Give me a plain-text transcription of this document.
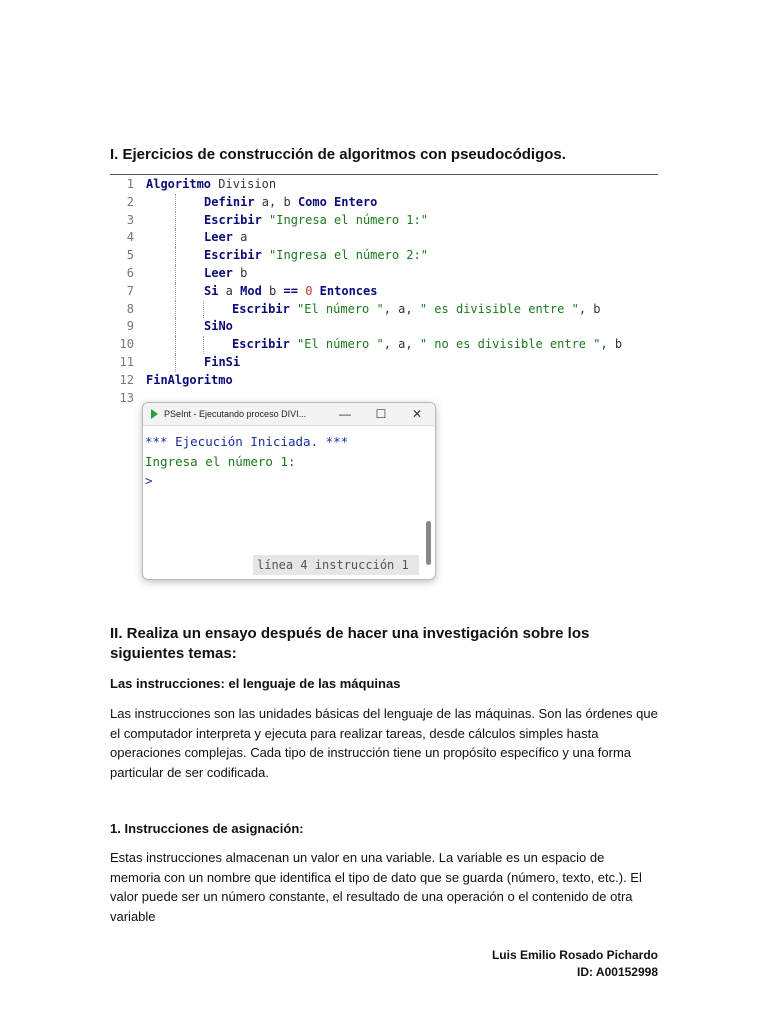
I. Ejercicios de construcción de algoritmos con pseudocódigos.
1 Algoritmo Division
2	Definir a, b Como Entero
3	Escribir "Ingresa el número 1:"
4	Leer a
5	Escribir "Ingresa el número 2:"
6	Leer b
7	Si a Mod b == 0 Entonces
8	Escribir "El número ", a, " es divisible entre ", b
9	SiNo
10	Escribir "El número ", a, " no es divisible entre ", b
11	FinSi
12 FinAlgoritmo
13
PSeInt - Ejecutando proceso DIVI...	—	☐	✕
*** Ejecución Iniciada. ***
Ingresa el número 1:
>
línea 4 instrucción 1
II. Realiza un ensayo después de hacer una investigación sobre los siguientes temas:
Las instrucciones: el lenguaje de las máquinas
Las instrucciones son las unidades básicas del lenguaje de las máquinas. Son las órdenes que el computador interpreta y ejecuta para realizar tareas, desde cálculos simples hasta operaciones complejas. Cada tipo de instrucción tiene un propósito específico y una forma particular de ser codificada.
1. Instrucciones de asignación:
Estas instrucciones almacenan un valor en una variable. La variable es un espacio de memoria con un nombre que identifica el tipo de dato que se guarda (número, texto, etc.). El valor puede ser un número constante, el resultado de una operación o el contenido de otra variable
Luis Emilio Rosado Pichardo
ID: A00152998
